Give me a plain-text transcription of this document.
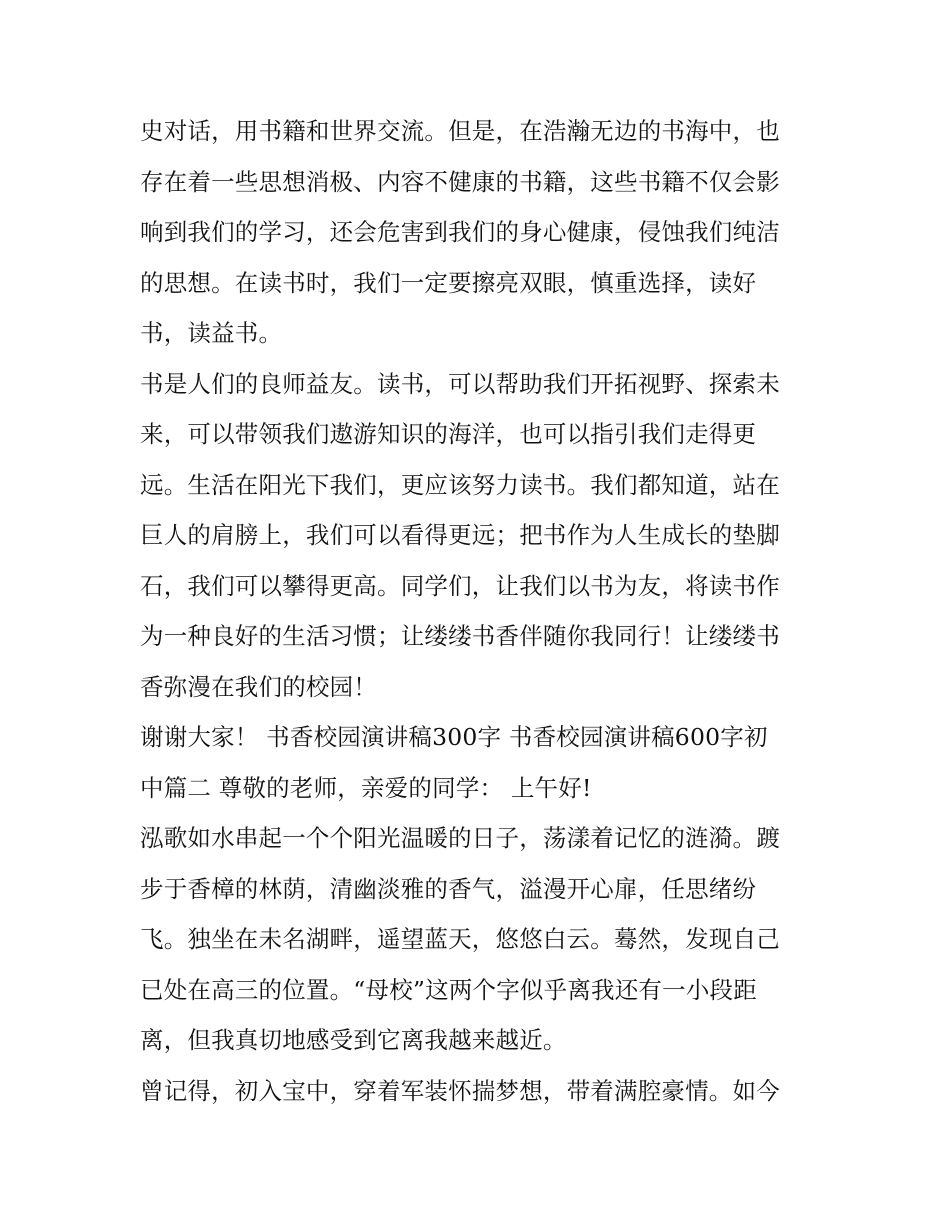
史对话，用书籍和世界交流。但是，在浩瀚无边的书海中，也
存在着一些思想消极、内容不健康的书籍，这些书籍不仅会影
响到我们的学习，还会危害到我们的身心健康，侵蚀我们纯洁
的思想。在读书时，我们一定要擦亮双眼，慎重选择，读好
书，读益书。
书是人们的良师益友。读书，可以帮助我们开拓视野、探索未
来，可以带领我们遨游知识的海洋，也可以指引我们走得更
远。生活在阳光下我们，更应该努力读书。我们都知道，站在
巨人的肩膀上，我们可以看得更远；把书作为人生成长的垫脚
石，我们可以攀得更高。同学们，让我们以书为友，将读书作
为一种良好的生活习惯；让缕缕书香伴随你我同行！让缕缕书
香弥漫在我们的校园！
谢谢大家！ 书香校园演讲稿300字 书香校园演讲稿600字初
中篇二 尊敬的老师，亲爱的同学： 上午好!
泓歌如水串起一个个阳光温暖的日子，荡漾着记忆的涟漪。踱
步于香樟的林荫，清幽淡雅的香气，溢漫开心扉，任思绪纷
飞。独坐在未名湖畔，遥望蓝天，悠悠白云。蓦然，发现自己
已处在高三的位置。“母校”这两个字似乎离我还有一小段距
离，但我真切地感受到它离我越来越近。
曾记得，初入宝中，穿着军装怀揣梦想，带着满腔豪情。如今
